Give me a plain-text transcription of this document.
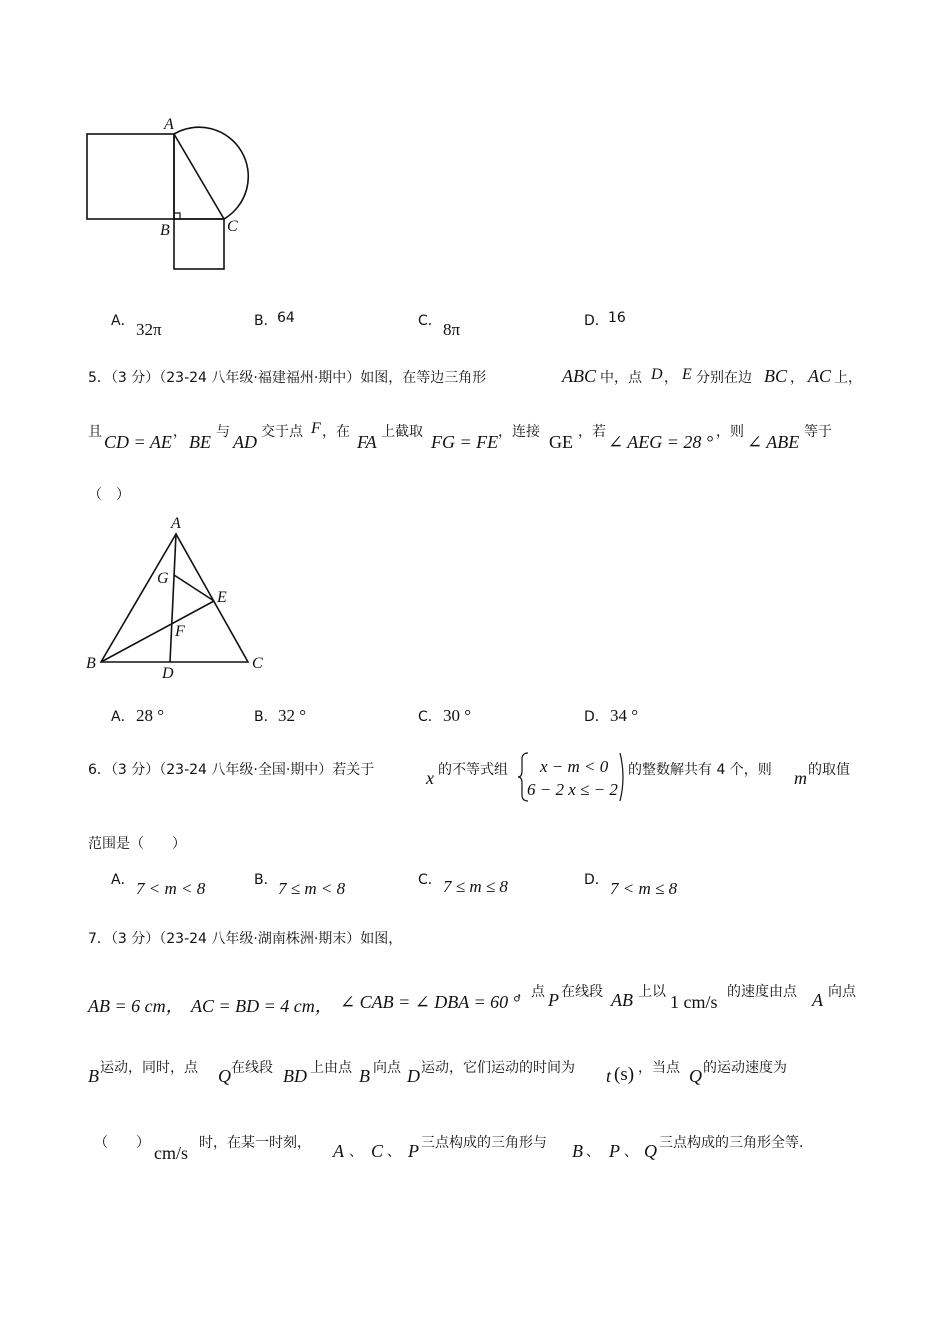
A
B	C
A． 32π	B． 64	C． 8π	D． 16
5．（3 分）（23-24 八年级·福建福州·期中）如图，在等边三角形	ABC 中，点 D ， E 分别在边 BC ， AC 上，
且 CD = AE ， BE 与 AD 交于点 F ，在 FA 上截取 FG = FE ，连接 GE ，若 ∠ AEG = 28 ° ，则 ∠ ABE 等于
（　）
A
B	C
D
E
F
G
A． 28 °	B． 32 °	C． 30 °	D． 34 °
6．（3 分）（23-24 八年级·全国·期中）若关于	x 的不等式组 x − m < 0
6 − 2 x ≤ − 2
的整数解共有 4 个，则 m 的取值
范围是（　　）
A． 7 < m < 8	B． 7 ≤ m < 8	C． 7 ≤ m ≤ 8	D． 7 < m ≤ 8
7．（3 分）（23-24 八年级·湖南株洲·期末）如图，
AB = 6 cm， AC = BD = 4 cm， ∠ CAB = ∠ DBA = 60 °
，点 P 在线段 AB 上以 1 cm/s 的速度由点 A 向点
B 运动，同时，点 Q 在线段 BD 上由点 B 向点 D 运动，它们运动的时间为 t (s) ，当点 Q 的运动速度为
（　　） cm/s 时，在某一时刻， A 、 C 、 P 三点构成的三角形与 B 、 P 、 Q 三点构成的三角形全等.
